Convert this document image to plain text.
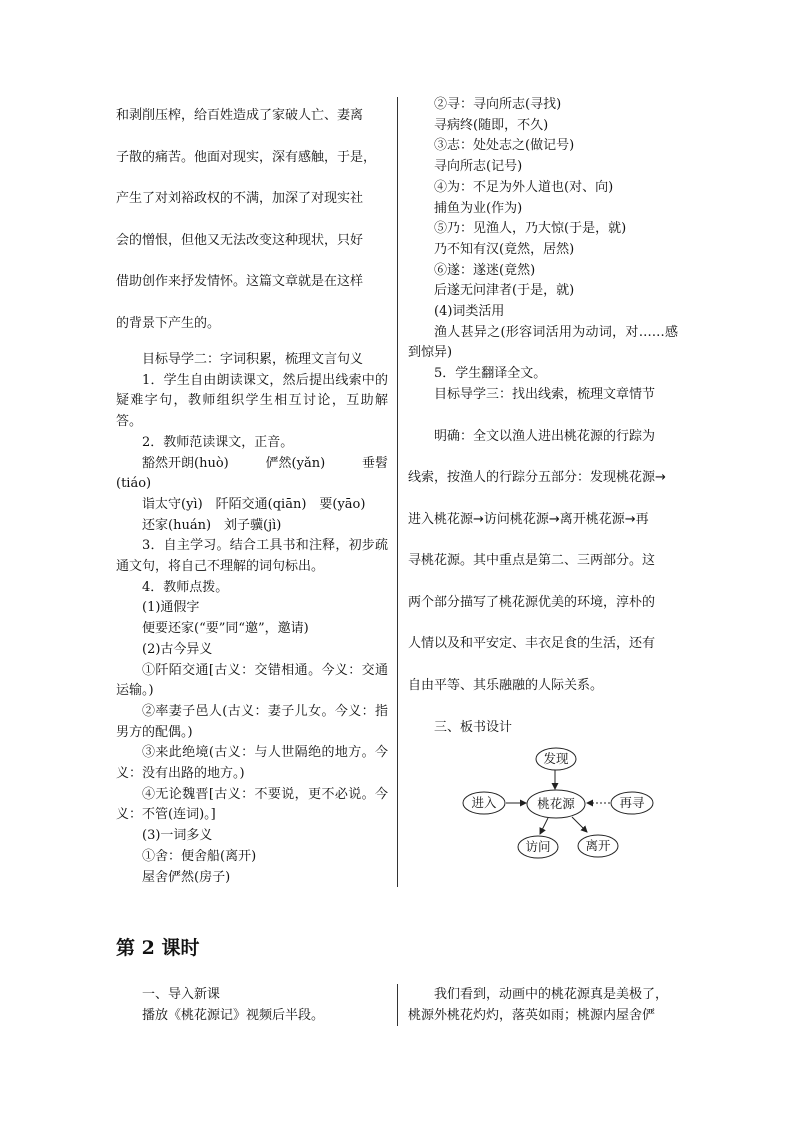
和剥削压榨，给百姓造成了家破人亡、妻离

子散的痛苦。他面对现实，深有感触，于是，

产生了对刘裕政权的不满，加深了对现实社

会的憎恨，但他又无法改变这种现状，只好

借助创作来抒发情怀。这篇文章就是在这样

的背景下产生的。

目标导学二：字词积累，梳理文言句义

1．学生自由朗读课文，然后提出线索中的疑难字句，教师组织学生相互讨论，互助解答。

2．教师范读课文，正音。

豁然开朗(huò)	俨然(yǎn)	垂髫

(tiáo)

诣太守(yì)　阡陌交通(qiān)　要(yāo)

还家(huán)　刘子骥(jì)

3．自主学习。结合工具书和注释，初步疏通文句，将自己不理解的词句标出。

4．教师点拨。

(1)通假字

便要还家(“要”同“邀”，邀请)

(2)古今异义

①阡陌交通[古义：交错相通。今义：交通运输。)

②率妻子邑人(古义：妻子儿女。今义：指男方的配偶。)

③来此绝境(古义：与人世隔绝的地方。今义：没有出路的地方。)

④无论魏晋[古义：不要说，更不必说。今义：不管(连词)。]

(3)一词多义

①舍：便舍船(离开)

屋舍俨然(房子)

②寻：寻向所志(寻找)

寻病终(随即，不久)

③志：处处志之(做记号)

寻向所志(记号)

④为：不足为外人道也(对、向)

捕鱼为业(作为)

⑤乃：见渔人，乃大惊(于是，就)

乃不知有汉(竟然，居然)

⑥遂：遂迷(竟然)

后遂无问津者(于是，就)

(4)词类活用

渔人甚异之(形容词活用为动词，对……感到惊异)

5．学生翻译全文。

目标导学三：找出线索，梳理文章情节

明确：全文以渔人进出桃花源的行踪为

线索，按渔人的行踪分五部分：发现桃花源→

进入桃花源→访问桃花源→离开桃花源→再

寻桃花源。其中重点是第二、三两部分。这

两个部分描写了桃花源优美的环境，淳朴的

人情以及和平安定、丰衣足食的生活，还有

自由平等、其乐融融的人际关系。

三、板书设计

发现
桃花源
进入	再寻
访问	离开

第 2 课时

一、导入新课

播放《桃花源记》视频后半段。

我们看到，动画中的桃花源真是美极了，

桃源外桃花灼灼，落英如雨；桃源内屋舍俨
